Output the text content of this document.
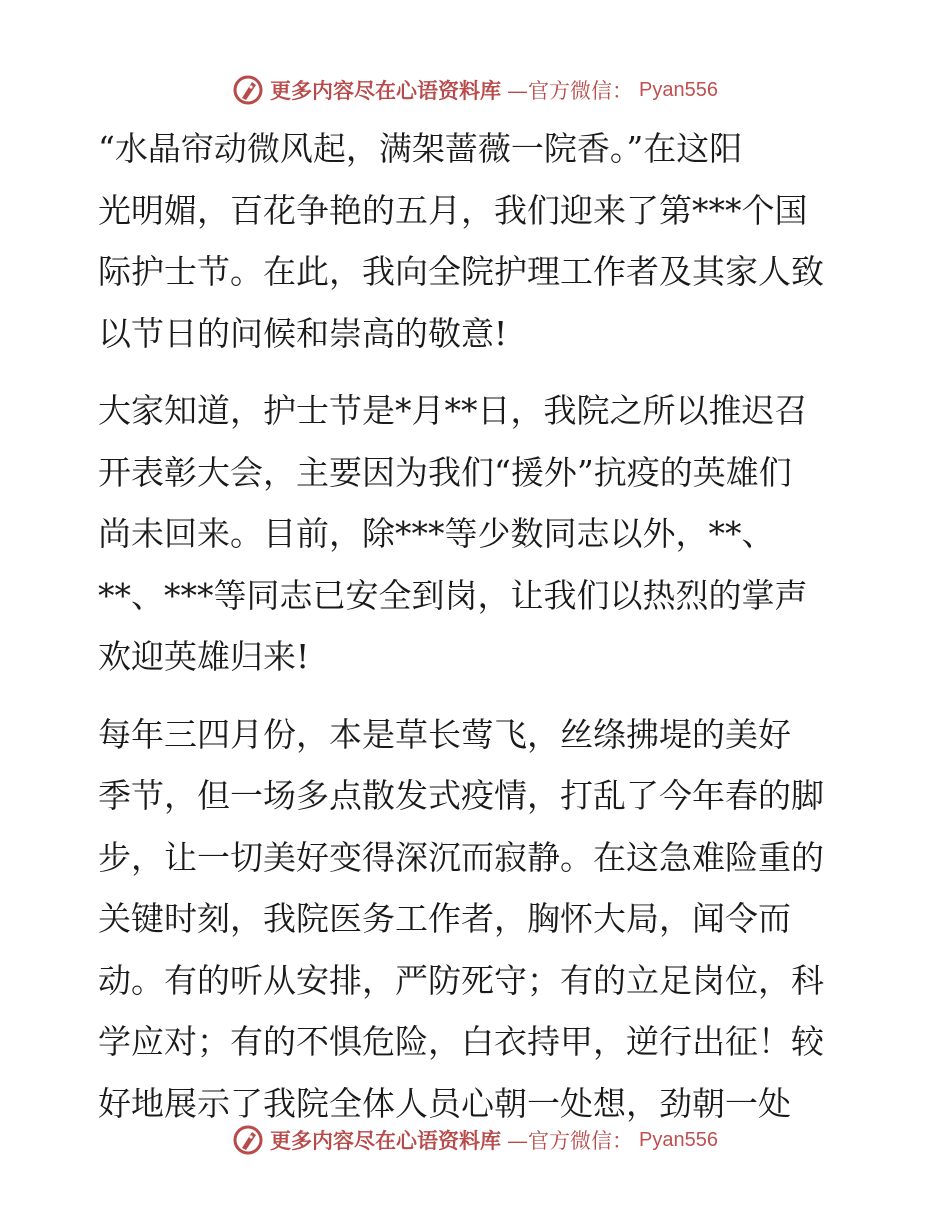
更多内容尽在心语资料库 —官方微信： Pyan556
“水晶帘动微风起，满架蔷薇一院香。”在这阳
光明媚，百花争艳的五月，我们迎来了第***个国
际护士节。在此，我向全院护理工作者及其家人致
以节日的问候和崇高的敬意!
大家知道，护士节是*月**日，我院之所以推迟召
开表彰大会，主要因为我们“援外”抗疫的英雄们
尚未回来。目前，除***等少数同志以外，**、
**、***等同志已安全到岗，让我们以热烈的掌声
欢迎英雄归来!
每年三四月份，本是草长莺飞，丝绦拂堤的美好
季节，但一场多点散发式疫情，打乱了今年春的脚
步，让一切美好变得深沉而寂静。在这急难险重的
关键时刻，我院医务工作者，胸怀大局，闻令而
动。有的听从安排，严防死守；有的立足岗位，科
学应对；有的不惧危险，白衣持甲，逆行出征！较
好地展示了我院全体人员心朝一处想，劲朝一处
更多内容尽在心语资料库 —官方微信： Pyan556
